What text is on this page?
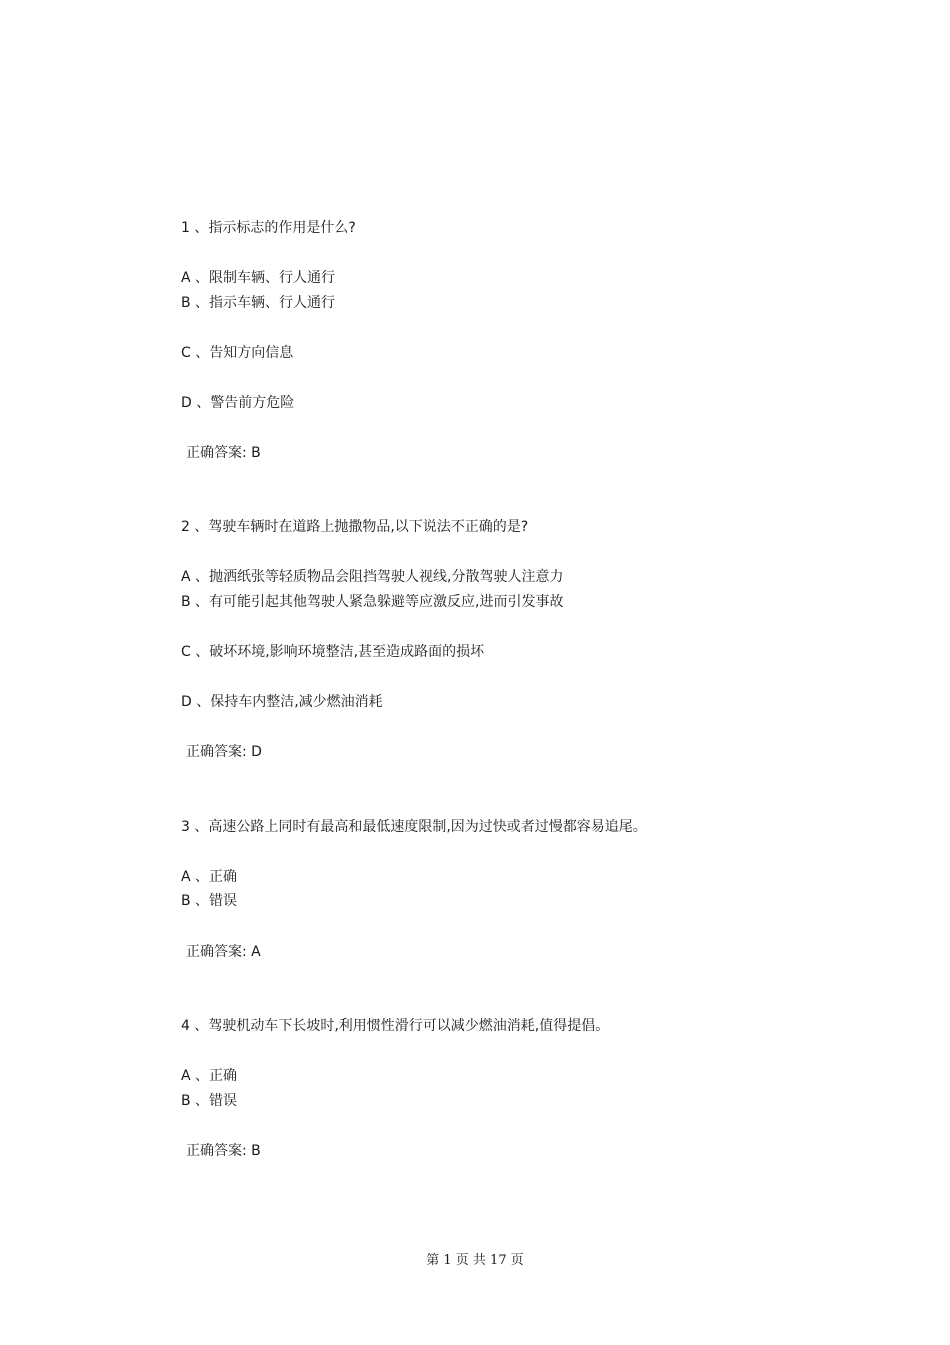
1 、指示标志的作用是什么?
A 、限制车辆、行人通行
B 、指示车辆、行人通行
C 、告知方向信息
D 、警告前方危险
正确答案: B
2 、驾驶车辆时在道路上抛撒物品,以下说法不正确的是?
A 、抛洒纸张等轻质物品会阻挡驾驶人视线,分散驾驶人注意力
B 、有可能引起其他驾驶人紧急躲避等应激反应,进而引发事故
C 、破坏环境,影响环境整洁,甚至造成路面的损坏
D 、保持车内整洁,减少燃油消耗
正确答案: D
3 、高速公路上同时有最高和最低速度限制,因为过快或者过慢都容易追尾。
A 、正确
B 、错误
正确答案: A
4 、驾驶机动车下长坡时,利用惯性滑行可以减少燃油消耗,值得提倡。
A 、正确
B 、错误
正确答案: B
第 1 页 共 17 页
